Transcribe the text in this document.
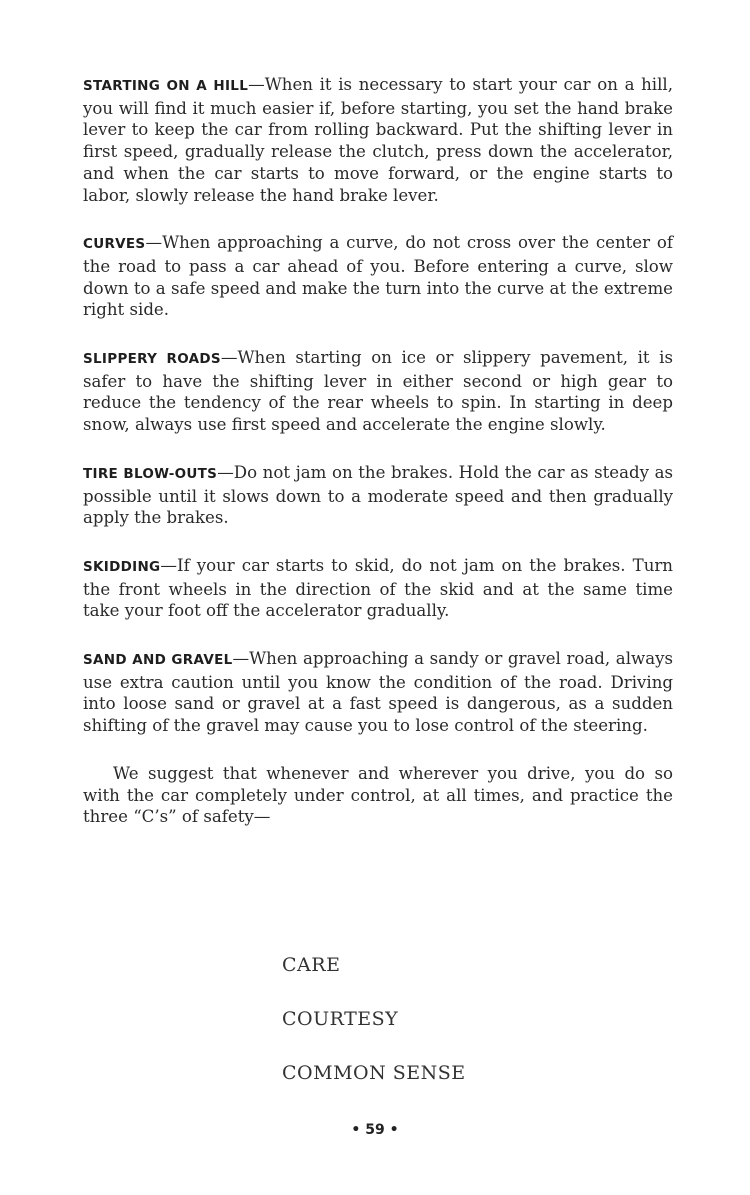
STARTING ON A HILL—When it is necessary to start your car on a hill, you will find it much easier if, before starting, you set the hand brake lever to keep the car from rolling backward. Put the shifting lever in first speed, gradually release the clutch, press down the accelerator, and when the car starts to move forward, or the engine starts to labor, slowly release the hand brake lever.

CURVES—When approaching a curve, do not cross over the center of the road to pass a car ahead of you. Before entering a curve, slow down to a safe speed and make the turn into the curve at the extreme right side.

SLIPPERY ROADS—When starting on ice or slippery pavement, it is safer to have the shifting lever in either second or high gear to reduce the tendency of the rear wheels to spin. In starting in deep snow, always use first speed and accelerate the engine slowly.

TIRE BLOW-OUTS—Do not jam on the brakes. Hold the car as steady as possible until it slows down to a moderate speed and then gradually apply the brakes.

SKIDDING—If your car starts to skid, do not jam on the brakes. Turn the front wheels in the direction of the skid and at the same time take your foot off the accelerator gradually.

SAND AND GRAVEL—When approaching a sandy or gravel road, always use extra caution until you know the condition of the road. Driving into loose sand or gravel at a fast speed is dangerous, as a sudden shifting of the gravel may cause you to lose control of the steering.

We suggest that whenever and wherever you drive, you do so with the car completely under control, at all times, and practice the three “C’s” of safety—

CARE
COURTESY
COMMON SENSE
• 59 •
